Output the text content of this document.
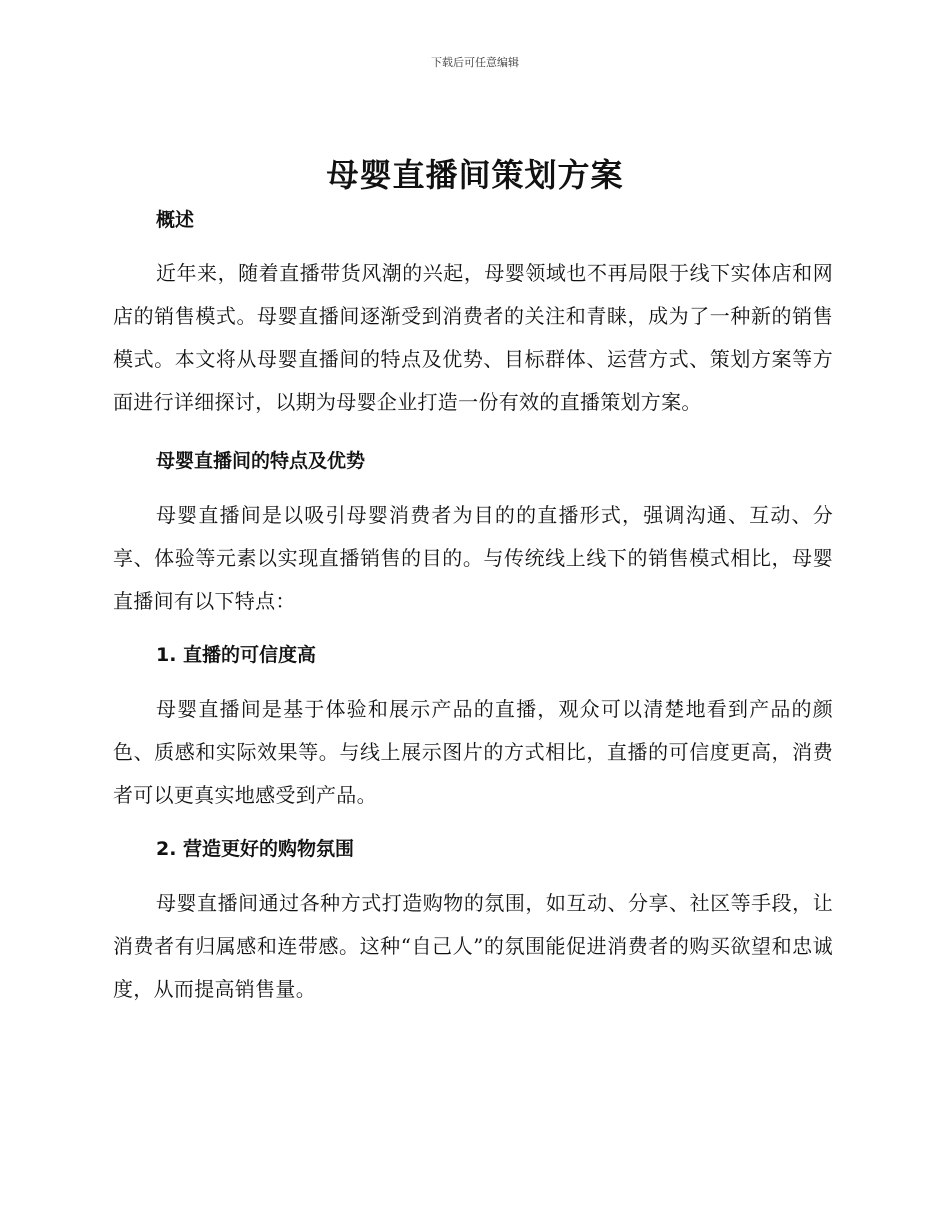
下载后可任意编辑
母婴直播间策划方案
概述

近年来，随着直播带货风潮的兴起，母婴领域也不再局限于线下实体店和网店的销售模式。母婴直播间逐渐受到消费者的关注和青睐，成为了一种新的销售模式。本文将从母婴直播间的特点及优势、目标群体、运营方式、策划方案等方面进行详细探讨，以期为母婴企业打造一份有效的直播策划方案。

母婴直播间的特点及优势

母婴直播间是以吸引母婴消费者为目的的直播形式，强调沟通、互动、分享、体验等元素以实现直播销售的目的。与传统线上线下的销售模式相比，母婴直播间有以下特点：

1. 直播的可信度高

母婴直播间是基于体验和展示产品的直播，观众可以清楚地看到产品的颜色、质感和实际效果等。与线上展示图片的方式相比，直播的可信度更高，消费者可以更真实地感受到产品。

2. 营造更好的购物氛围

母婴直播间通过各种方式打造购物的氛围，如互动、分享、社区等手段，让消费者有归属感和连带感。这种“自己人”的氛围能促进消费者的购买欲望和忠诚度，从而提高销售量。
